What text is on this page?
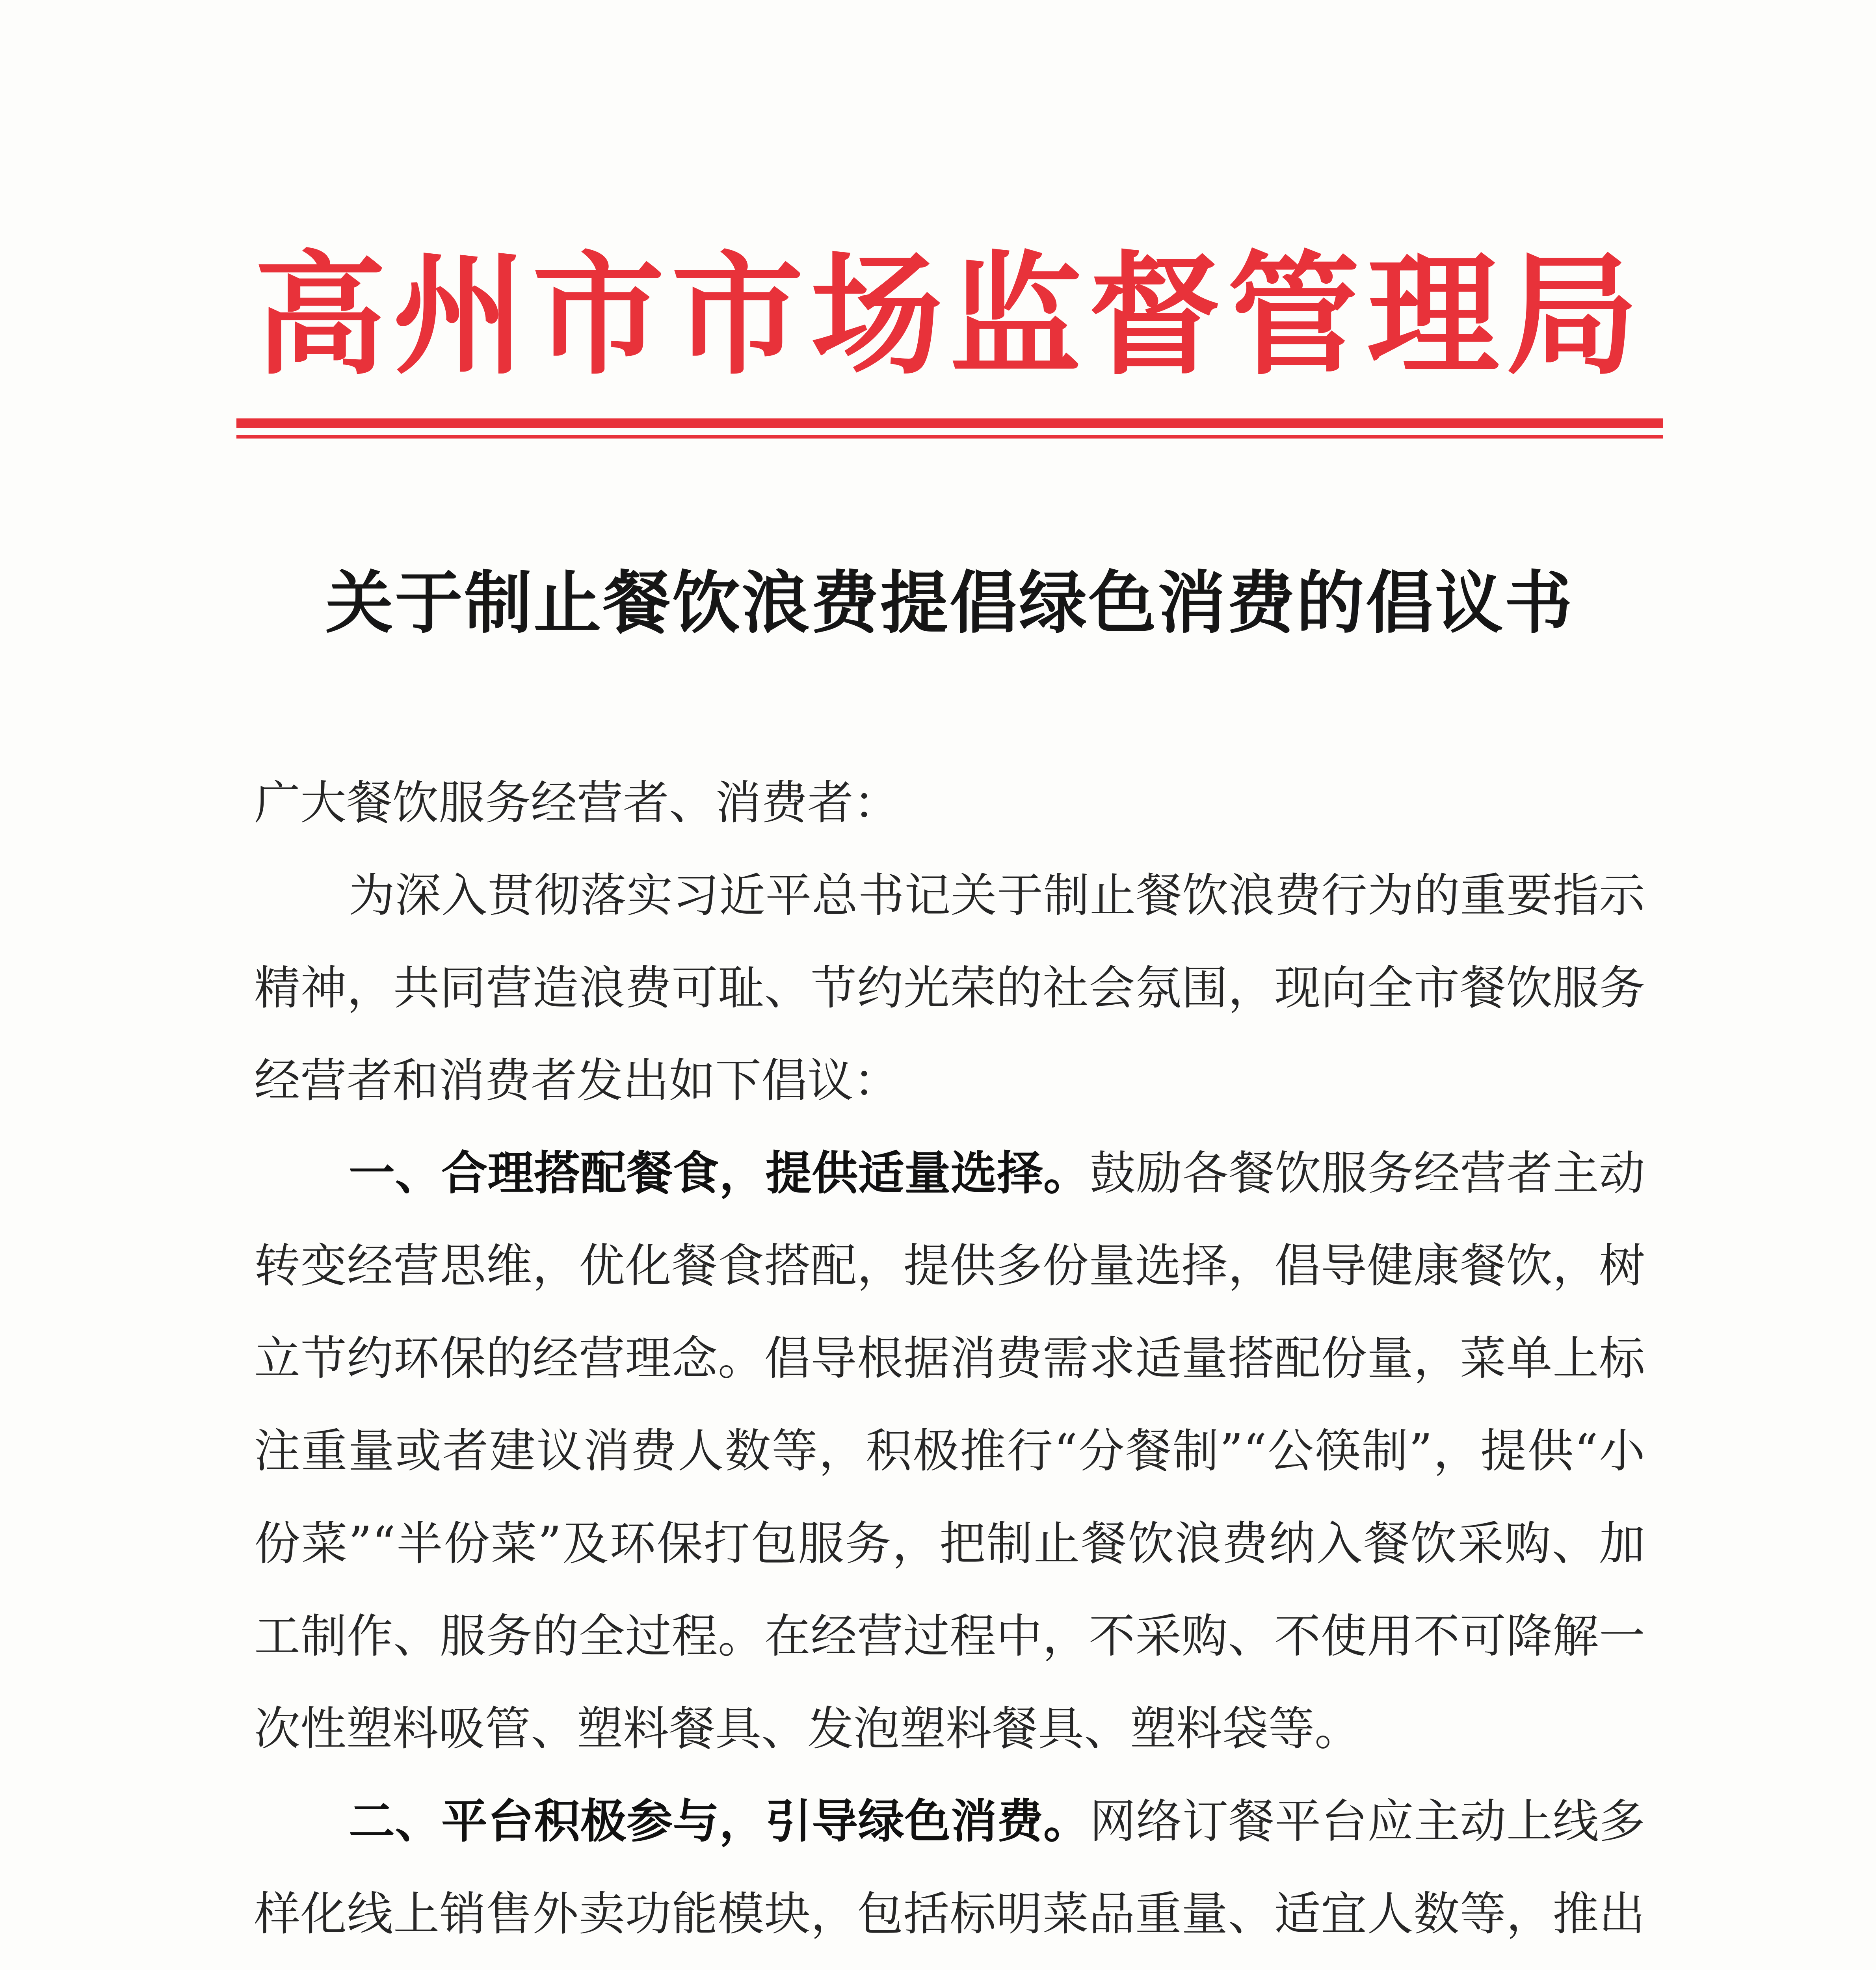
高州市市场监督管理局
关于制止餐饮浪费提倡绿色消费的倡议书

广大餐饮服务经营者、消费者：

为深入贯彻落实习近平总书记关于制止餐饮浪费行为的重要指示精神，共同营造浪费可耻、节约光荣的社会氛围，现向全市餐饮服务经营者和消费者发出如下倡议：

一、合理搭配餐食，提供适量选择。鼓励各餐饮服务经营者主动转变经营思维，优化餐食搭配，提供多份量选择，倡导健康餐饮，树立节约环保的经营理念。倡导根据消费需求适量搭配份量，菜单上标注重量或者建议消费人数等，积极推行“分餐制”“公筷制”，提供“小份菜”“半份菜”及环保打包服务，把制止餐饮浪费纳入餐饮采购、加工制作、服务的全过程。在经营过程中，不采购、不使用不可降解一次性塑料吸管、塑料餐具、发泡塑料餐具、塑料袋等。

二、平台积极参与，引导绿色消费。网络订餐平台应主动上线多样化线上销售外卖功能模块，包括标明菜品重量、适宜人数等，推出
